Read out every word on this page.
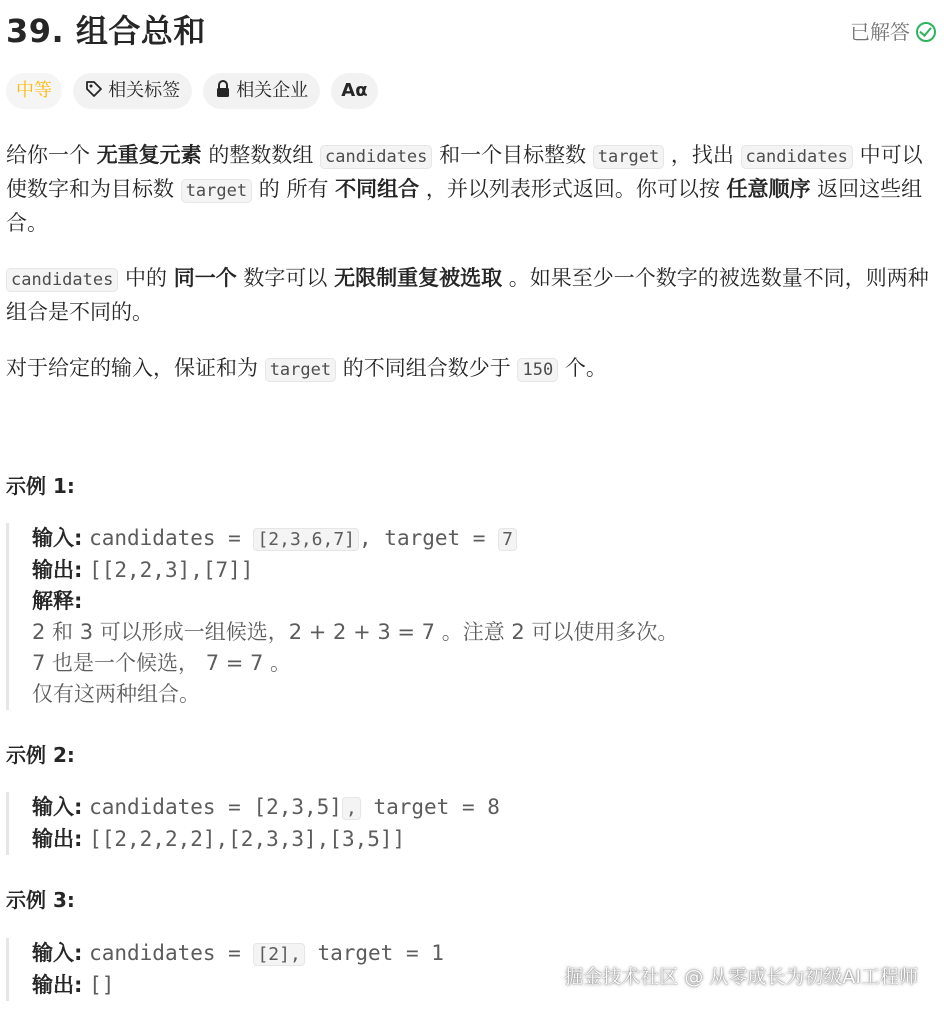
39. 组合总和	已解答
中等	相关标签	相关企业 Aα

给你一个 无重复元素 的整数数组 candidates 和一个目标整数 target ，找出 candidates 中可以使数字和为目标数 target 的 所有 不同组合 ，并以列表形式返回。你可以按 任意顺序 返回这些组合。

candidates 中的 同一个 数字可以 无限制重复被选取 。如果至少一个数字的被选数量不同，则两种组合是不同的。

对于给定的输入，保证和为 target 的不同组合数少于 150 个。

示例 1:
输入: candidates = [2,3,6,7] , target = 7
输出: [[2,2,3],[7]]
解释:
2 和 3 可以形成一组候选，2 + 2 + 3 = 7 。注意 2 可以使用多次。
7 也是一个候选， 7 = 7 。
仅有这两种组合。
示例 2:
输入: candidates = [2,3,5] , target = 8
输出: [[2,2,2,2],[2,3,3],[3,5]]
示例 3:
输入: candidates = [2], target = 1
输出: []	掘金技术社区 @ 从零成长为初级AI工程师
